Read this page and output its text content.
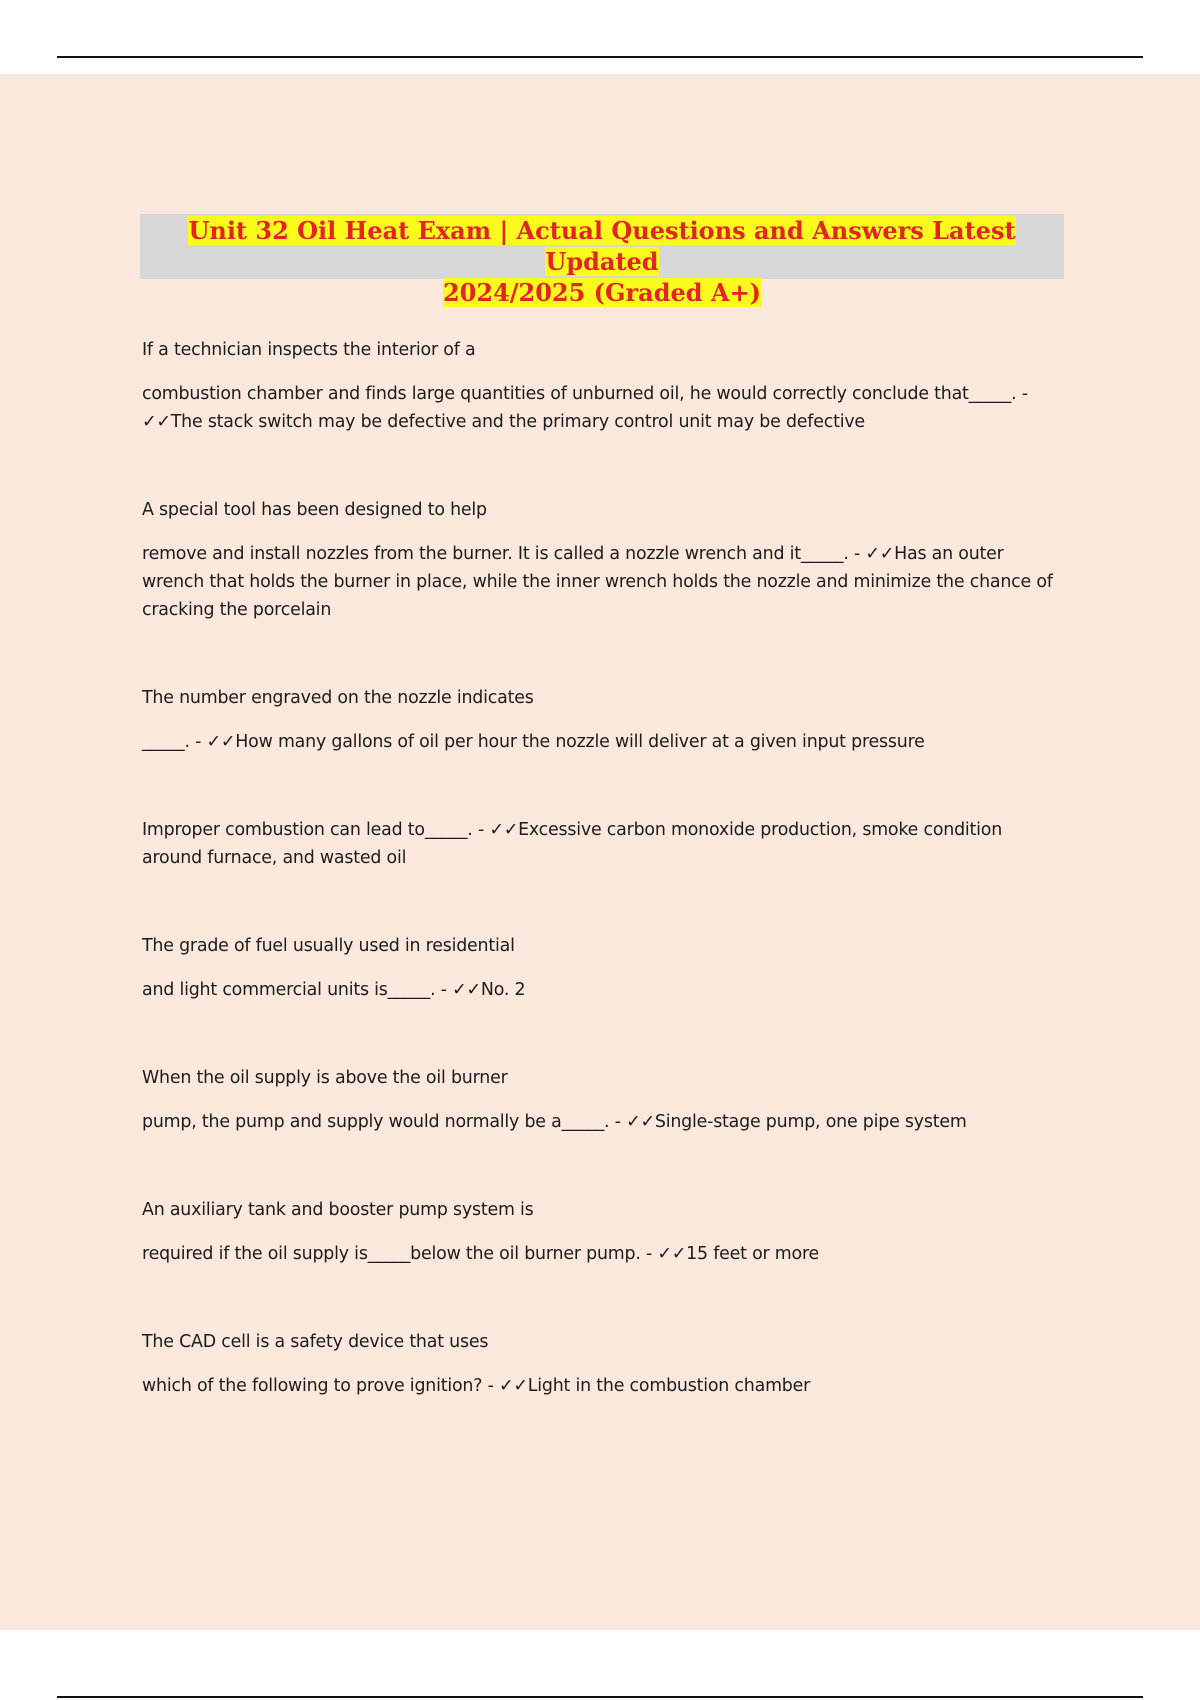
Unit 32 Oil Heat Exam | Actual Questions and Answers Latest Updated
2024/2025 (Graded A+)

If a technician inspects the interior of a

combustion chamber and finds large quantities of unburned oil, he would correctly conclude that_____. - ✓✓The stack switch may be defective and the primary control unit may be defective

A special tool has been designed to help

remove and install nozzles from the burner. It is called a nozzle wrench and it_____. - ✓✓Has an outer wrench that holds the burner in place, while the inner wrench holds the nozzle and minimize the chance of cracking the porcelain

The number engraved on the nozzle indicates

_____. - ✓✓How many gallons of oil per hour the nozzle will deliver at a given input pressure

Improper combustion can lead to_____. - ✓✓Excessive carbon monoxide production, smoke condition around furnace, and wasted oil

The grade of fuel usually used in residential

and light commercial units is_____. - ✓✓No. 2

When the oil supply is above the oil burner

pump, the pump and supply would normally be a_____. - ✓✓Single-stage pump, one pipe system

An auxiliary tank and booster pump system is

required if the oil supply is_____below the oil burner pump. - ✓✓15 feet or more

The CAD cell is a safety device that uses

which of the following to prove ignition? - ✓✓Light in the combustion chamber
